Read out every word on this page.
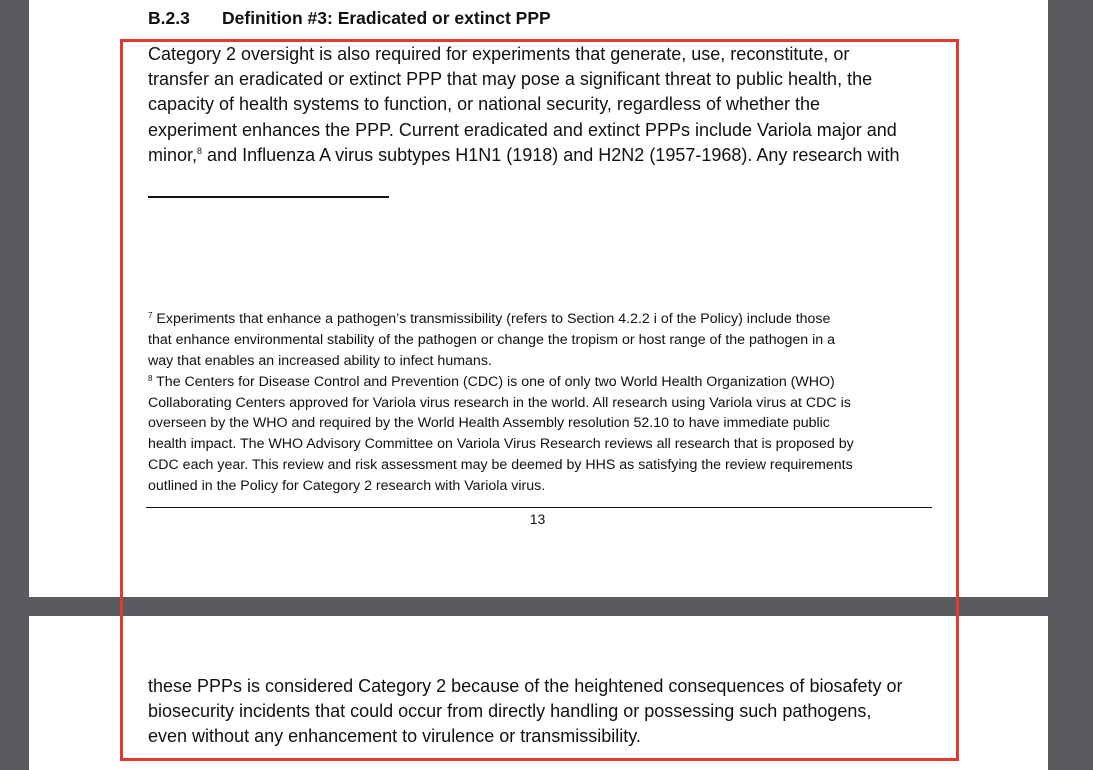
B.2.3 Definition #3: Eradicated or extinct PPP
Category 2 oversight is also required for experiments that generate, use, reconstitute, or
transfer an eradicated or extinct PPP that may pose a significant threat to public health, the
capacity of health systems to function, or national security, regardless of whether the
experiment enhances the PPP. Current eradicated and extinct PPPs include Variola major and
minor,$^8$ and Influenza A virus subtypes H1N1 (1918) and H2N2 (1957-1968). Any research with
$^7$ Experiments that enhance a pathogen’s transmissibility (refers to Section 4.2.2 i of the Policy) include those
that enhance environmental stability of the pathogen or change the tropism or host range of the pathogen in a
way that enables an increased ability to infect humans.
$^8$ The Centers for Disease Control and Prevention (CDC) is one of only two World Health Organization (WHO)
Collaborating Centers approved for Variola virus research in the world. All research using Variola virus at CDC is
overseen by the WHO and required by the World Health Assembly resolution 52.10 to have immediate public
health impact. The WHO Advisory Committee on Variola Virus Research reviews all research that is proposed by
CDC each year. This review and risk assessment may be deemed by HHS as satisfying the review requirements
outlined in the Policy for Category 2 research with Variola virus.
13
these PPPs is considered Category 2 because of the heightened consequences of biosafety or
biosecurity incidents that could occur from directly handling or possessing such pathogens,
even without any enhancement to virulence or transmissibility.
